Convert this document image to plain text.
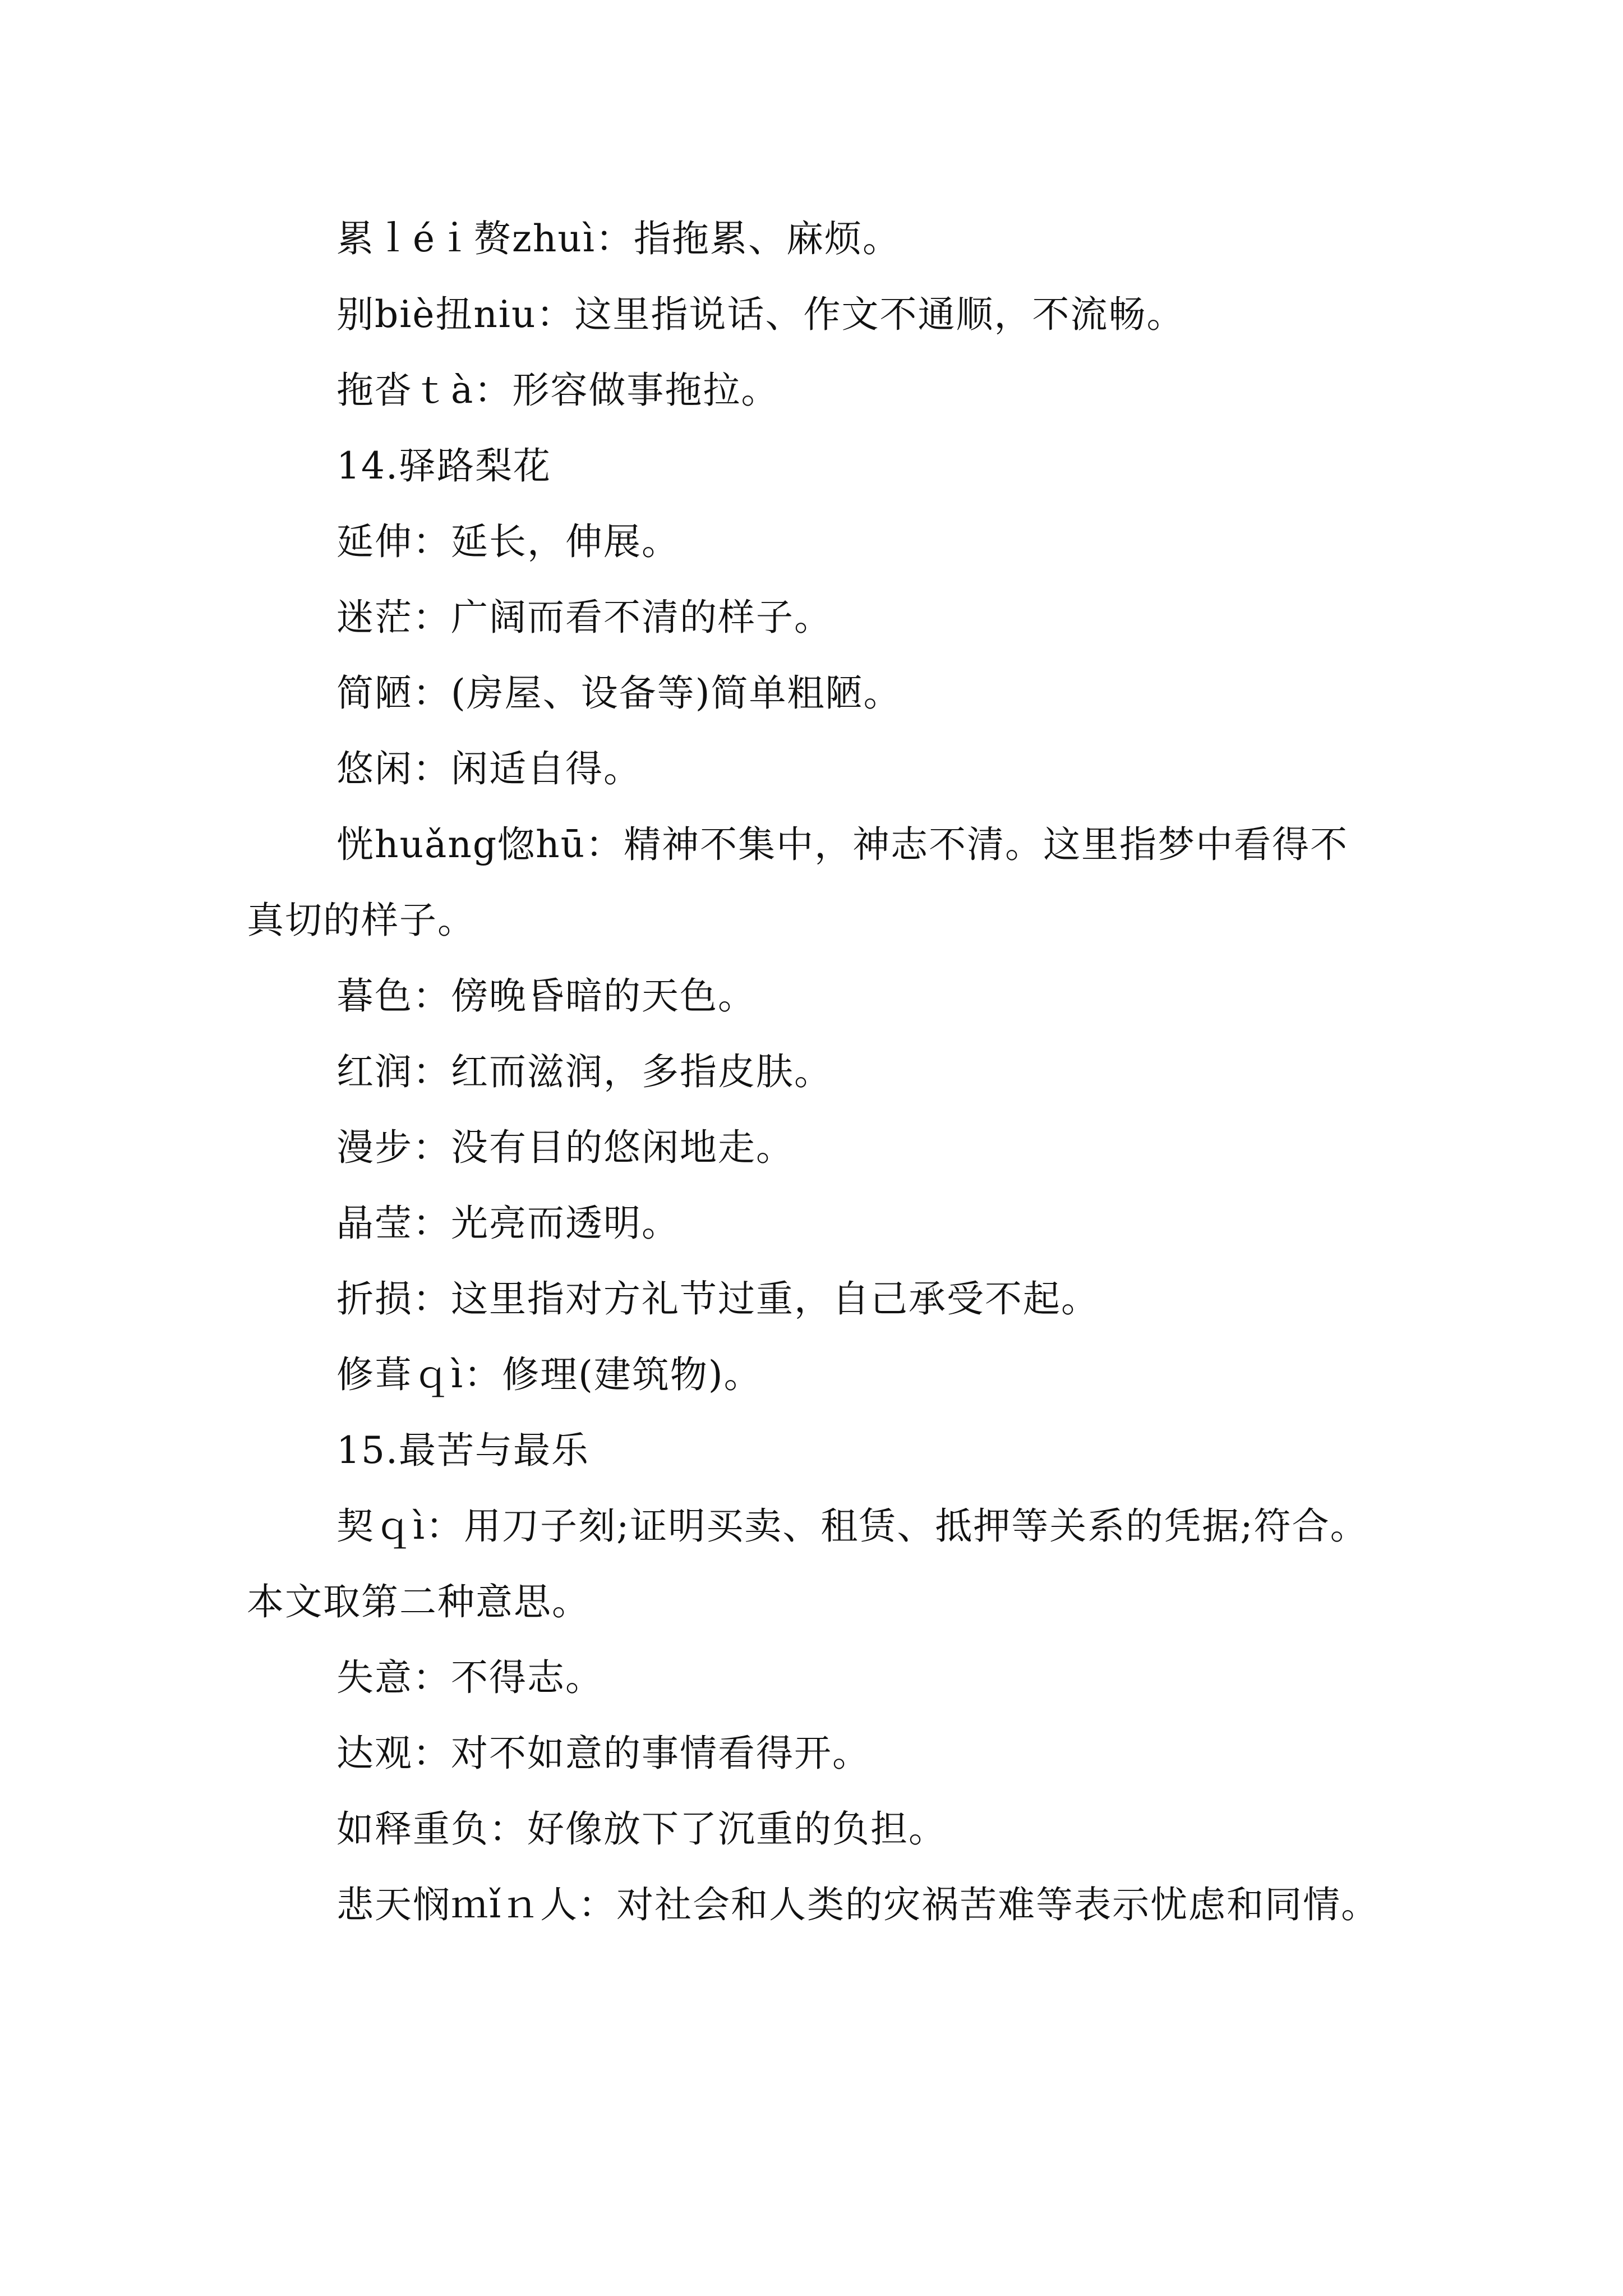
累ｌéｉ赘zhuì：指拖累、麻烦。

别biè扭niu：这里指说话、作文不通顺，不流畅。

拖沓ｔà：形容做事拖拉。

14.驿路梨花

延伸：延长，伸展。

迷茫：广阔而看不清的样子。

简陋：(房屋、设备等)简单粗陋。

悠闲：闲适自得。

恍huǎng惚hū：精神不集中，神志不清。这里指梦中看得不真切的样子。

暮色：傍晚昏暗的天色。

红润：红而滋润，多指皮肤。

漫步：没有目的悠闲地走。

晶莹：光亮而透明。

折损：这里指对方礼节过重，自己承受不起。

修葺ｑì：修理(建筑物)。

15.最苦与最乐

契ｑì：用刀子刻;证明买卖、租赁、抵押等关系的凭据;符合。本文取第二种意思。

失意：不得志。

达观：对不如意的事情看得开。

如释重负：好像放下了沉重的负担。

悲天悯ｍǐｎ人：对社会和人类的灾祸苦难等表示忧虑和同情。
